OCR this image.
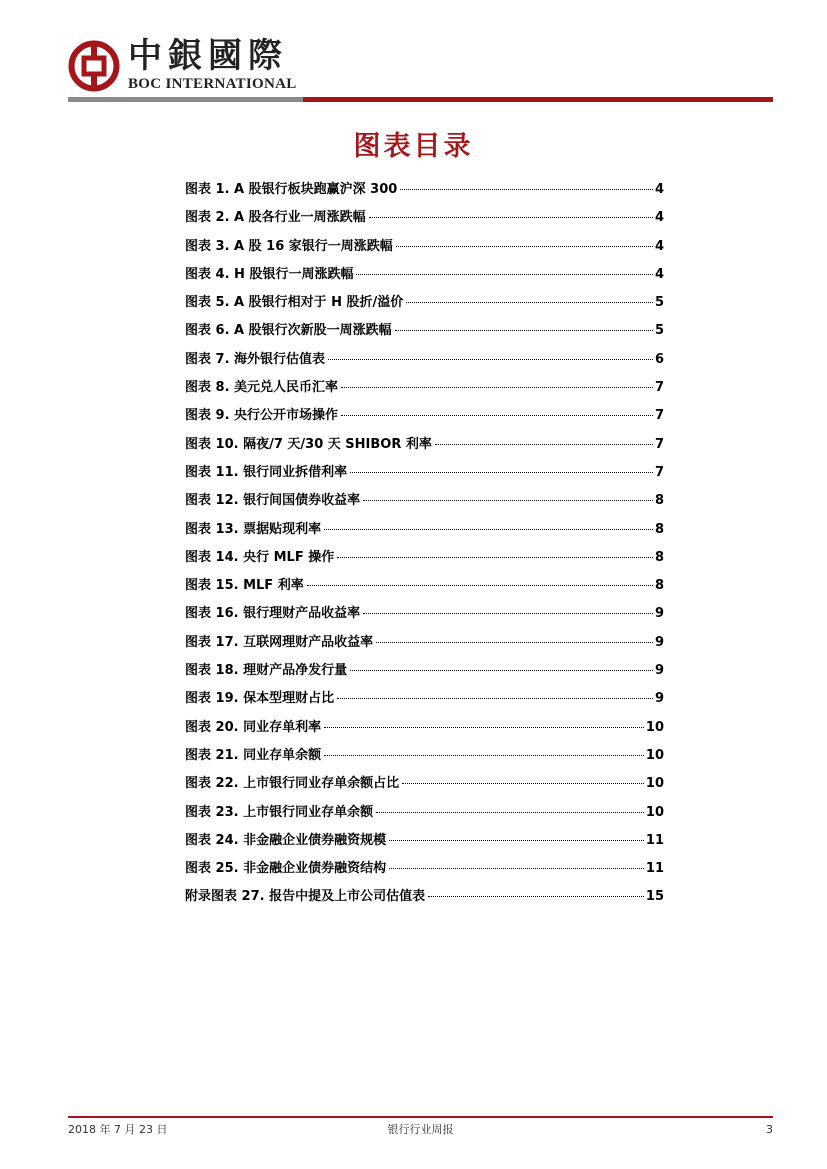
中銀國際
BOC INTERNATIONAL
图表目录
图表 1. A 股银行板块跑赢沪深 300	4
图表 2. A 股各行业一周涨跌幅	4
图表 3. A 股 16 家银行一周涨跌幅	4
图表 4. H 股银行一周涨跌幅	4
图表 5. A 股银行相对于 H 股折/溢价	5
图表 6. A 股银行次新股一周涨跌幅	5
图表 7. 海外银行估值表	6
图表 8. 美元兑人民币汇率	7
图表 9. 央行公开市场操作	7
图表 10. 隔夜/7 天/30 天 SHIBOR 利率	7
图表 11. 银行同业拆借利率	7
图表 12. 银行间国债券收益率	8
图表 13. 票据贴现利率	8
图表 14. 央行 MLF 操作	8
图表 15. MLF 利率	8
图表 16. 银行理财产品收益率	9
图表 17. 互联网理财产品收益率	9
图表 18. 理财产品净发行量	9
图表 19. 保本型理财占比	9
图表 20. 同业存单利率	10
图表 21. 同业存单余额	10
图表 22. 上市银行同业存单余额占比	10
图表 23. 上市银行同业存单余额	10
图表 24. 非金融企业债券融资规模	11
图表 25. 非金融企业债券融资结构	11
附录图表 27. 报告中提及上市公司估值表	15
2018 年 7 月 23 日	银行行业周报	3
